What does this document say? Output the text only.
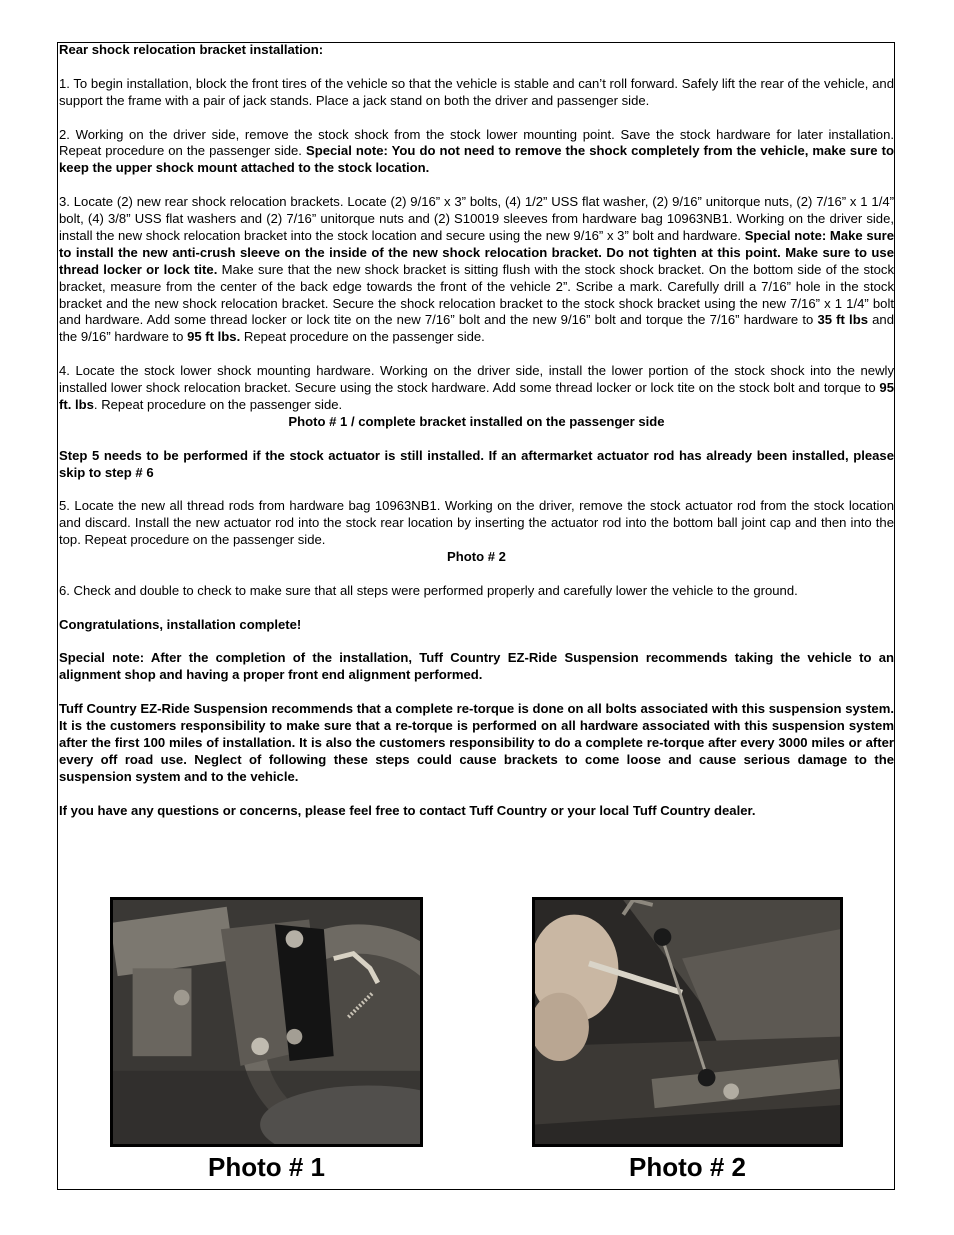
Rear shock relocation bracket installation:

1. To begin installation, block the front tires of the vehicle so that the vehicle is stable and can’t roll forward. Safely lift the rear of the vehicle, and support the frame with a pair of jack stands. Place a jack stand on both the driver and passenger side.

2. Working on the driver side, remove the stock shock from the stock lower mounting point. Save the stock hardware for later installation. Repeat procedure on the passenger side. Special note: You do not need to remove the shock completely from the vehicle, make sure to keep the upper shock mount attached to the stock location.

3. Locate (2) new rear shock relocation brackets. Locate (2) 9/16” x 3” bolts, (4) 1/2” USS flat washer, (2) 9/16” unitorque nuts, (2) 7/16” x 1 1/4” bolt, (4) 3/8” USS flat washers and (2) 7/16” unitorque nuts and (2) S10019 sleeves from hardware bag 10963NB1. Working on the driver side, install the new shock relocation bracket into the stock location and secure using the new 9/16” x 3” bolt and hardware. Special note: Make sure to install the new anti-crush sleeve on the inside of the new shock relocation bracket. Do not tighten at this point. Make sure to use thread locker or lock tite. Make sure that the new shock bracket is sitting flush with the stock shock bracket. On the bottom side of the stock bracket, measure from the center of the back edge towards the front of the vehicle 2”. Scribe a mark. Carefully drill a 7/16” hole in the stock bracket and the new shock relocation bracket. Secure the shock relocation bracket to the stock shock bracket using the new 7/16” x 1 1/4” bolt and hardware. Add some thread locker or lock tite on the new 7/16” bolt and the new 9/16” bolt and torque the 7/16” hardware to 35 ft lbs and the 9/16” hardware to 95 ft lbs. Repeat procedure on the passenger side.

4. Locate the stock lower shock mounting hardware. Working on the driver side, install the lower portion of the stock shock into the newly installed lower shock relocation bracket. Secure using the stock hardware. Add some thread locker or lock tite on the stock bolt and torque to 95 ft. lbs. Repeat procedure on the passenger side.

Photo # 1 / complete bracket installed on the passenger side

Step 5 needs to be performed if the stock actuator is still installed. If an aftermarket actuator rod has already been installed, please skip to step # 6

5. Locate the new all thread rods from hardware bag 10963NB1. Working on the driver, remove the stock actuator rod from the stock location and discard. Install the new actuator rod into the stock rear location by inserting the actuator rod into the bottom ball joint cap and then into the top. Repeat procedure on the passenger side.

Photo # 2

6. Check and double to check to make sure that all steps were performed properly and carefully lower the vehicle to the ground.

Congratulations, installation complete!

Special note: After the completion of the installation, Tuff Country EZ-Ride Suspension recommends taking the vehicle to an alignment shop and having a proper front end alignment performed.

Tuff Country EZ-Ride Suspension recommends that a complete re-torque is done on all bolts associated with this suspension system. It is the customers responsibility to make sure that a re-torque is performed on all hardware associated with this suspension system after the first 100 miles of installation. It is also the customers responsibility to do a complete re-torque after every 3000 miles or after every off road use. Neglect of following these steps could cause brackets to come loose and cause serious damage to the suspension system and to the vehicle.

If you have any questions or concerns, please feel free to contact Tuff Country or your local Tuff Country dealer.

Photo # 1	Photo # 2
